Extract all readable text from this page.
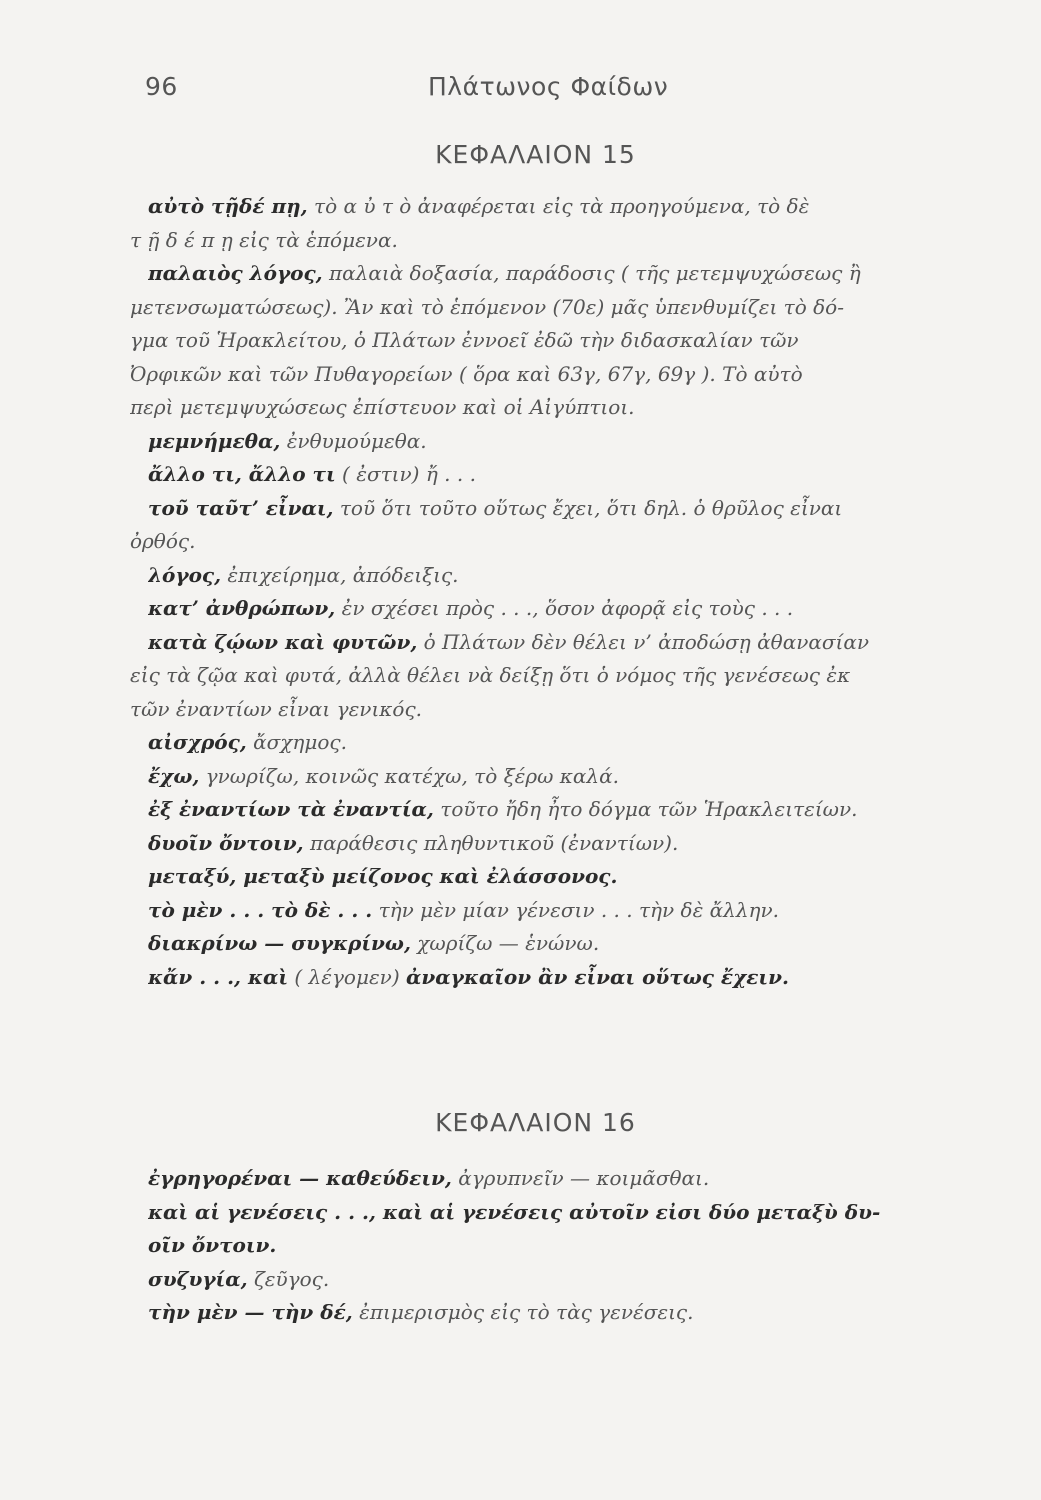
96	Πλάτωνος Φαίδων
ΚΕΦΑΛΑΙΟΝ 15
αὐτὸ τῇδέ πῃ, τὸ α ὐ τ ὸ ἀναφέρεται εἰς τὰ προηγούμενα, τὸ δὲ
τ ῇ δ έ π ῃ εἰς τὰ ἑπόμενα.
παλαιὸς λόγος, παλαιὰ δοξασία, παράδοσις ( τῆς μετεμψυχώσεως ἢ
μετενσωματώσεως). Ἂν καὶ τὸ ἑπόμενον (70ε) μᾶς ὑπενθυμίζει τὸ δό-
γμα τοῦ Ἡρακλείτου, ὁ Πλάτων ἐννοεῖ ἐδῶ τὴν διδασκαλίαν τῶν
Ὀρφικῶν καὶ τῶν Πυθαγορείων ( ὅρα καὶ 63γ, 67γ, 69γ ). Τὸ αὐτὸ
περὶ μετεμψυχώσεως ἐπίστευον καὶ οἱ Αἰγύπτιοι.
μεμνήμεθα, ἐνθυμούμεθα.
ἄλλο τι, ἄλλο τι ( ἐστιν) ἤ . . .
τοῦ ταῦτ’ εἶναι, τοῦ ὅτι τοῦτο οὕτως ἔχει, ὅτι δηλ. ὁ θρῦλος εἶναι
ὀρθός.
λόγος, ἐπιχείρημα, ἀπόδειξις.
κατ’ ἀνθρώπων, ἐν σχέσει πρὸς . . ., ὅσον ἀφορᾷ εἰς τοὺς . . .
κατὰ ζῴων καὶ φυτῶν, ὁ Πλάτων δὲν θέλει ν’ ἀποδώσῃ ἀθανασίαν
εἰς τὰ ζῷα καὶ φυτά, ἀλλὰ θέλει νὰ δείξῃ ὅτι ὁ νόμος τῆς γενέσεως ἐκ
τῶν ἐναντίων εἶναι γενικός.
αἰσχρός, ἄσχημος.
ἔχω, γνωρίζω, κοινῶς κατέχω, τὸ ξέρω καλά.
ἐξ ἐναντίων τὰ ἐναντία, τοῦτο ἤδη ἦτο δόγμα τῶν Ἡρακλειτείων.
δυοῖν ὄντοιν, παράθεσις πληθυντικοῦ (ἐναντίων).
μεταξύ, μεταξὺ μείζονος καὶ ἐλάσσονος.
τὸ μὲν . . . τὸ δὲ . . . τὴν μὲν μίαν γένεσιν . . . τὴν δὲ ἄλλην.
διακρίνω — συγκρίνω, χωρίζω — ἑνώνω.
κἄν . . ., καὶ ( λέγομεν) ἀναγκαῖον ἂν εἶναι οὕτως ἔχειν.
ΚΕΦΑΛΑΙΟΝ 16
ἐγρηγορέναι — καθεύδειν, ἀγρυπνεῖν — κοιμᾶσθαι.
καὶ αἱ γενέσεις . . ., καὶ αἱ γενέσεις αὐτοῖν εἰσι δύο μεταξὺ δυ-
οῖν ὄντοιν.
συζυγία, ζεῦγος.
τὴν μὲν — τὴν δέ, ἐπιμερισμὸς εἰς τὸ τὰς γενέσεις.
